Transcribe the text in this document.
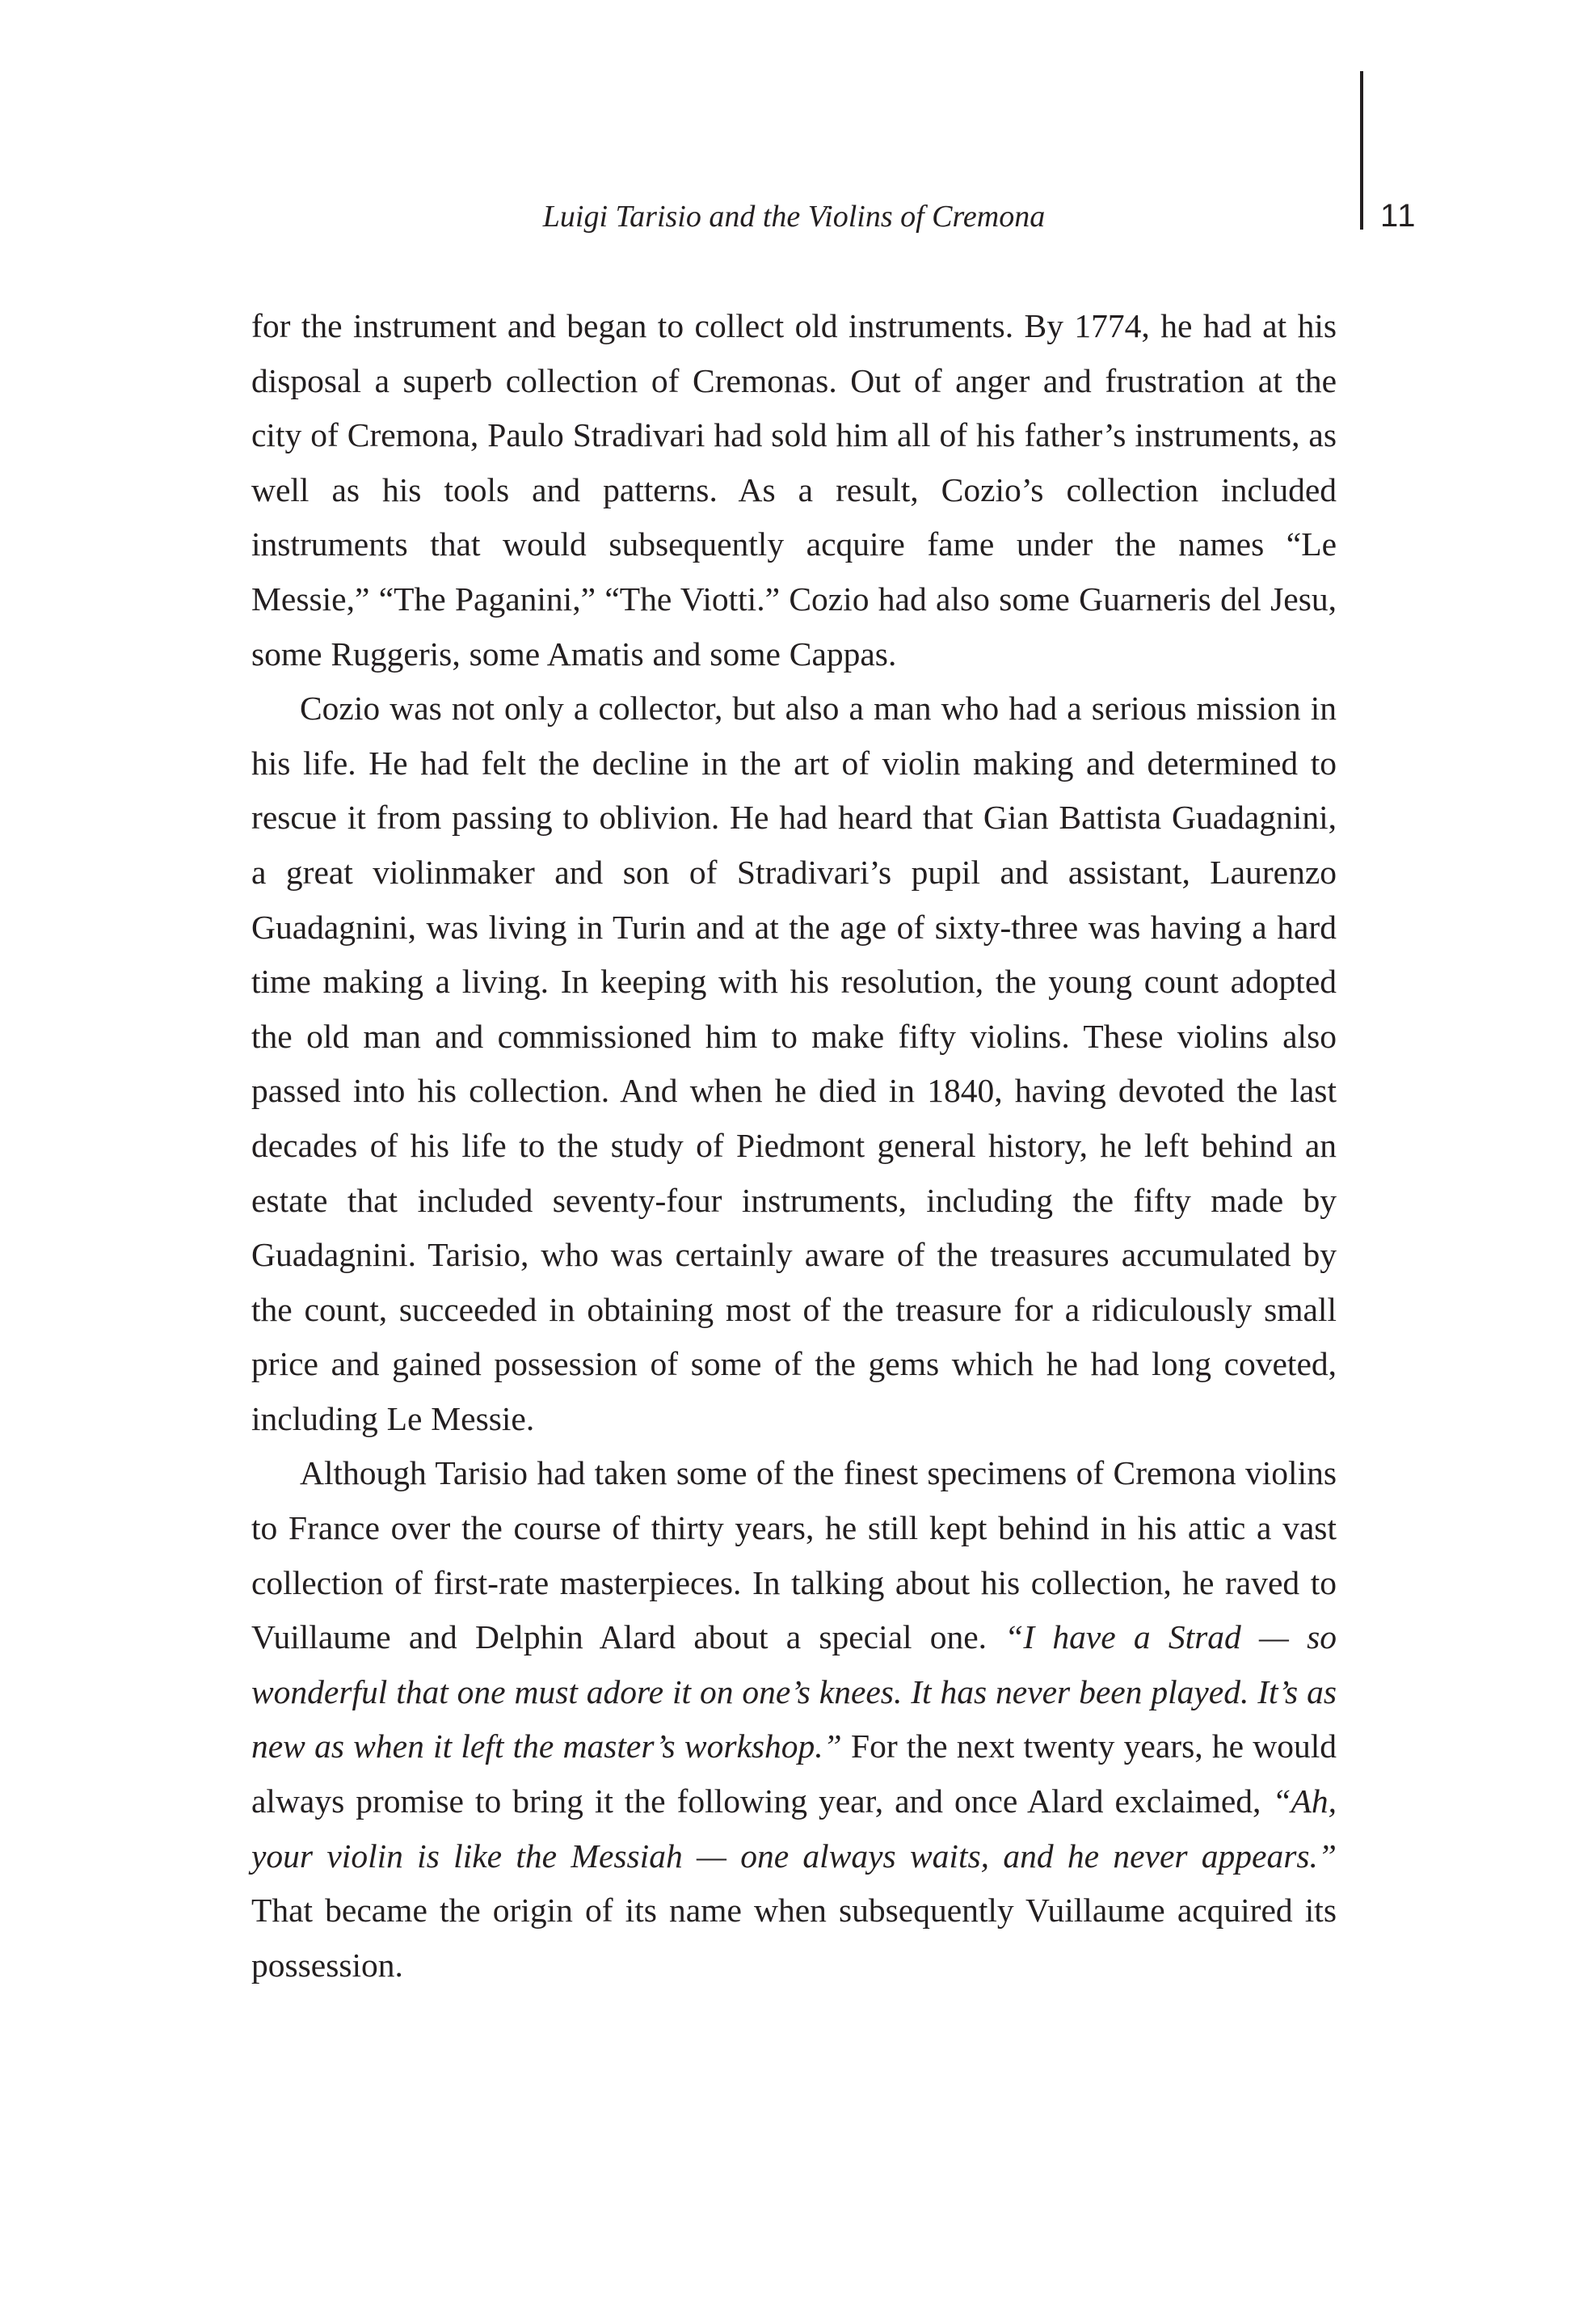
Luigi Tarisio and the Violins of Cremona	11

for the instrument and began to collect old instruments. By 1774, he had at his disposal a superb collection of Cremonas. Out of anger and frustration at the city of Cremona, Paulo Stradivari had sold him all of his father’s instruments, as well as his tools and patterns. As a result, Cozio’s collection included instruments that would subsequently acquire fame under the names “Le Messie,” “The Paganini,” “The Viotti.” Cozio had also some Guarneris del Jesu, some Ruggeris, some Amatis and some Cappas.

Cozio was not only a collector, but also a man who had a serious mission in his life. He had felt the decline in the art of violin making and determined to rescue it from passing to oblivion. He had heard that Gian Battista Guadagnini, a great violinmaker and son of Stradivari’s pupil and assistant, Laurenzo Guadagnini, was living in Turin and at the age of sixty-three was having a hard time making a living. In keeping with his resolution, the young count adopted the old man and commissioned him to make fifty violins. These violins also passed into his collection. And when he died in 1840, having devoted the last decades of his life to the study of Piedmont general history, he left behind an estate that included seventy-four instruments, including the fifty made by Guadagnini. Tarisio, who was certainly aware of the treasures accumulated by the count, succeeded in obtaining most of the treasure for a ridiculously small price and gained possession of some of the gems which he had long coveted, including Le Messie.

Although Tarisio had taken some of the finest specimens of Cremona violins to France over the course of thirty years, he still kept behind in his attic a vast collection of first-rate masterpieces. In talking about his collection, he raved to Vuillaume and Delphin Alard about a special one. “I have a Strad — so wonderful that one must adore it on one’s knees. It has never been played. It’s as new as when it left the master’s workshop.” For the next twenty years, he would always promise to bring it the following year, and once Alard exclaimed, “Ah, your violin is like the Messiah — one always waits, and he never appears.” That became the origin of its name when subsequently Vuillaume acquired its possession.
